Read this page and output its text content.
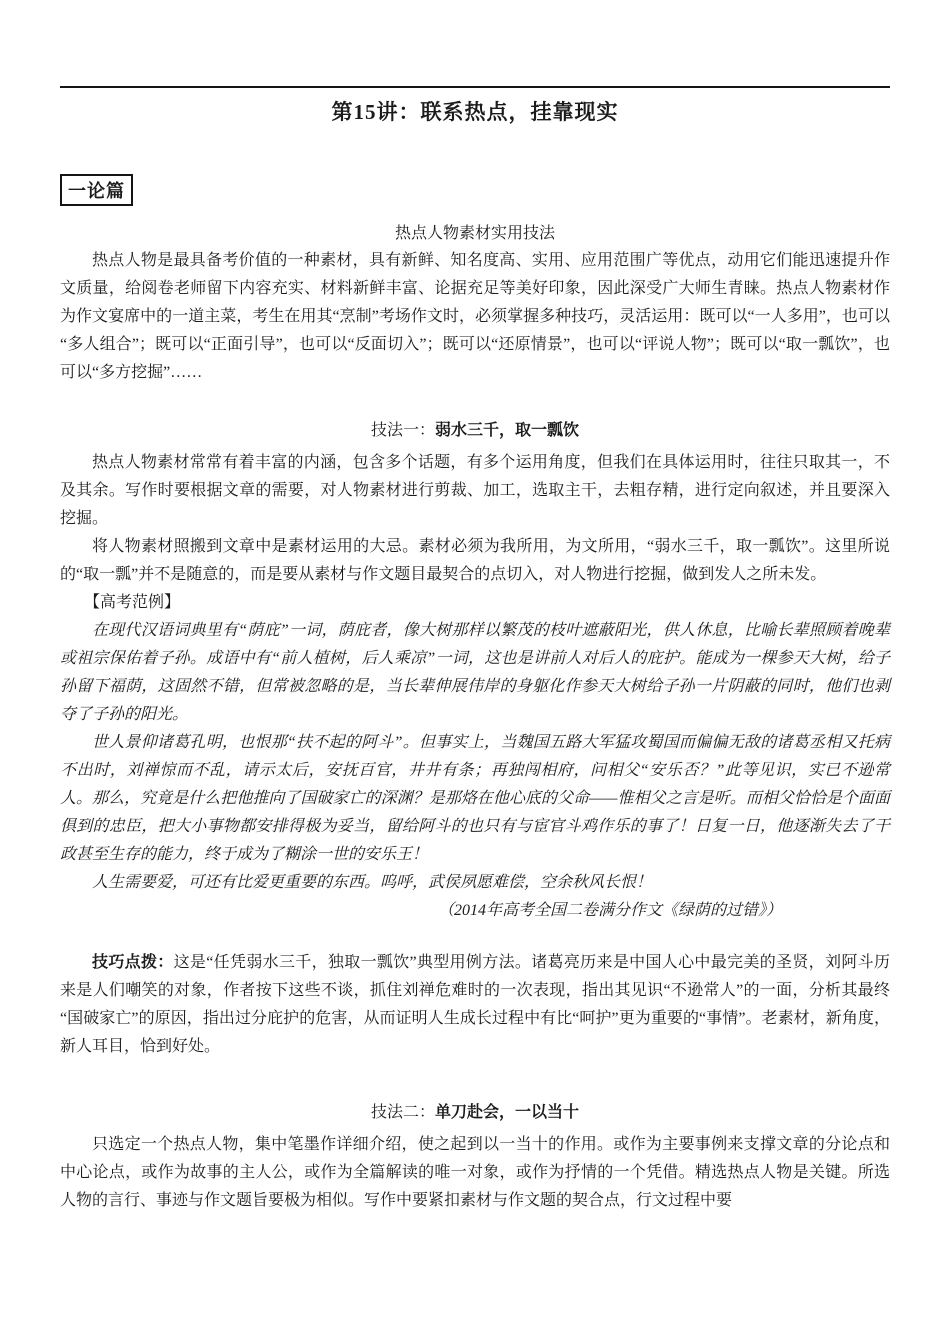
第15讲：联系热点，挂靠现实
一论篇

热点人物素材实用技法

热点人物是最具备考价值的一种素材，具有新鲜、知名度高、实用、应用范围广等优点，动用它们能迅速提升作文质量，给阅卷老师留下内容充实、材料新鲜丰富、论据充足等美好印象，因此深受广大师生青睐。热点人物素材作为作文宴席中的一道主菜，考生在用其“烹制”考场作文时，必须掌握多种技巧，灵活运用：既可以“一人多用”，也可以“多人组合”；既可以“正面引导”，也可以“反面切入”；既可以“还原情景”，也可以“评说人物”；既可以“取一瓢饮”，也可以“多方挖掘”……

技法一：弱水三千，取一瓢饮

热点人物素材常常有着丰富的内涵，包含多个话题，有多个运用角度，但我们在具体运用时，往往只取其一，不及其余。写作时要根据文章的需要，对人物素材进行剪裁、加工，选取主干，去粗存精，进行定向叙述，并且要深入挖掘。

将人物素材照搬到文章中是素材运用的大忌。素材必须为我所用，为文所用，“弱水三千，取一瓢饮”。这里所说的“取一瓢”并不是随意的，而是要从素材与作文题目最契合的点切入，对人物进行挖掘，做到发人之所未发。

【高考范例】

在现代汉语词典里有“荫庇”一词，荫庇者，像大树那样以繁茂的枝叶遮蔽阳光，供人休息，比喻长辈照顾着晚辈或祖宗保佑着子孙。成语中有“前人植树，后人乘凉”一词，这也是讲前人对后人的庇护。能成为一棵参天大树，给子孙留下福荫，这固然不错，但常被忽略的是，当长辈伸展伟岸的身躯化作参天大树给子孙一片阴蔽的同时，他们也剥夺了子孙的阳光。

世人景仰诸葛孔明，也恨那“扶不起的阿斗”。但事实上，当魏国五路大军猛攻蜀国而偏偏无敌的诸葛丞相又托病不出时，刘禅惊而不乱，请示太后，安抚百官，井井有条；再独闯相府，问相父“安乐否？”此等见识，实已不逊常人。那么，究竟是什么把他推向了国破家亡的深渊？是那烙在他心底的父命——惟相父之言是听。而相父恰恰是个面面俱到的忠臣，把大小事物都安排得极为妥当，留给阿斗的也只有与宦官斗鸡作乐的事了！日复一日，他逐渐失去了干政甚至生存的能力，终于成为了糊涂一世的安乐王！

人生需要爱，可还有比爱更重要的东西。呜呼，武侯夙愿难偿，空余秋风长恨！

（2014年高考全国二卷满分作文《绿荫的过错》）

技巧点拨：这是“任凭弱水三千，独取一瓢饮”典型用例方法。诸葛亮历来是中国人心中最完美的圣贤，刘阿斗历来是人们嘲笑的对象，作者按下这些不谈，抓住刘禅危难时的一次表现，指出其见识“不逊常人”的一面，分析其最终“国破家亡”的原因，指出过分庇护的危害，从而证明人生成长过程中有比“呵护”更为重要的“事情”。老素材，新角度，新人耳目，恰到好处。

技法二：单刀赴会，一以当十

只选定一个热点人物，集中笔墨作详细介绍，使之起到以一当十的作用。或作为主要事例来支撑文章的分论点和中心论点，或作为故事的主人公，或作为全篇解读的唯一对象，或作为抒情的一个凭借。精选热点人物是关键。所选人物的言行、事迹与作文题旨要极为相似。写作中要紧扣素材与作文题的契合点，行文过程中要
